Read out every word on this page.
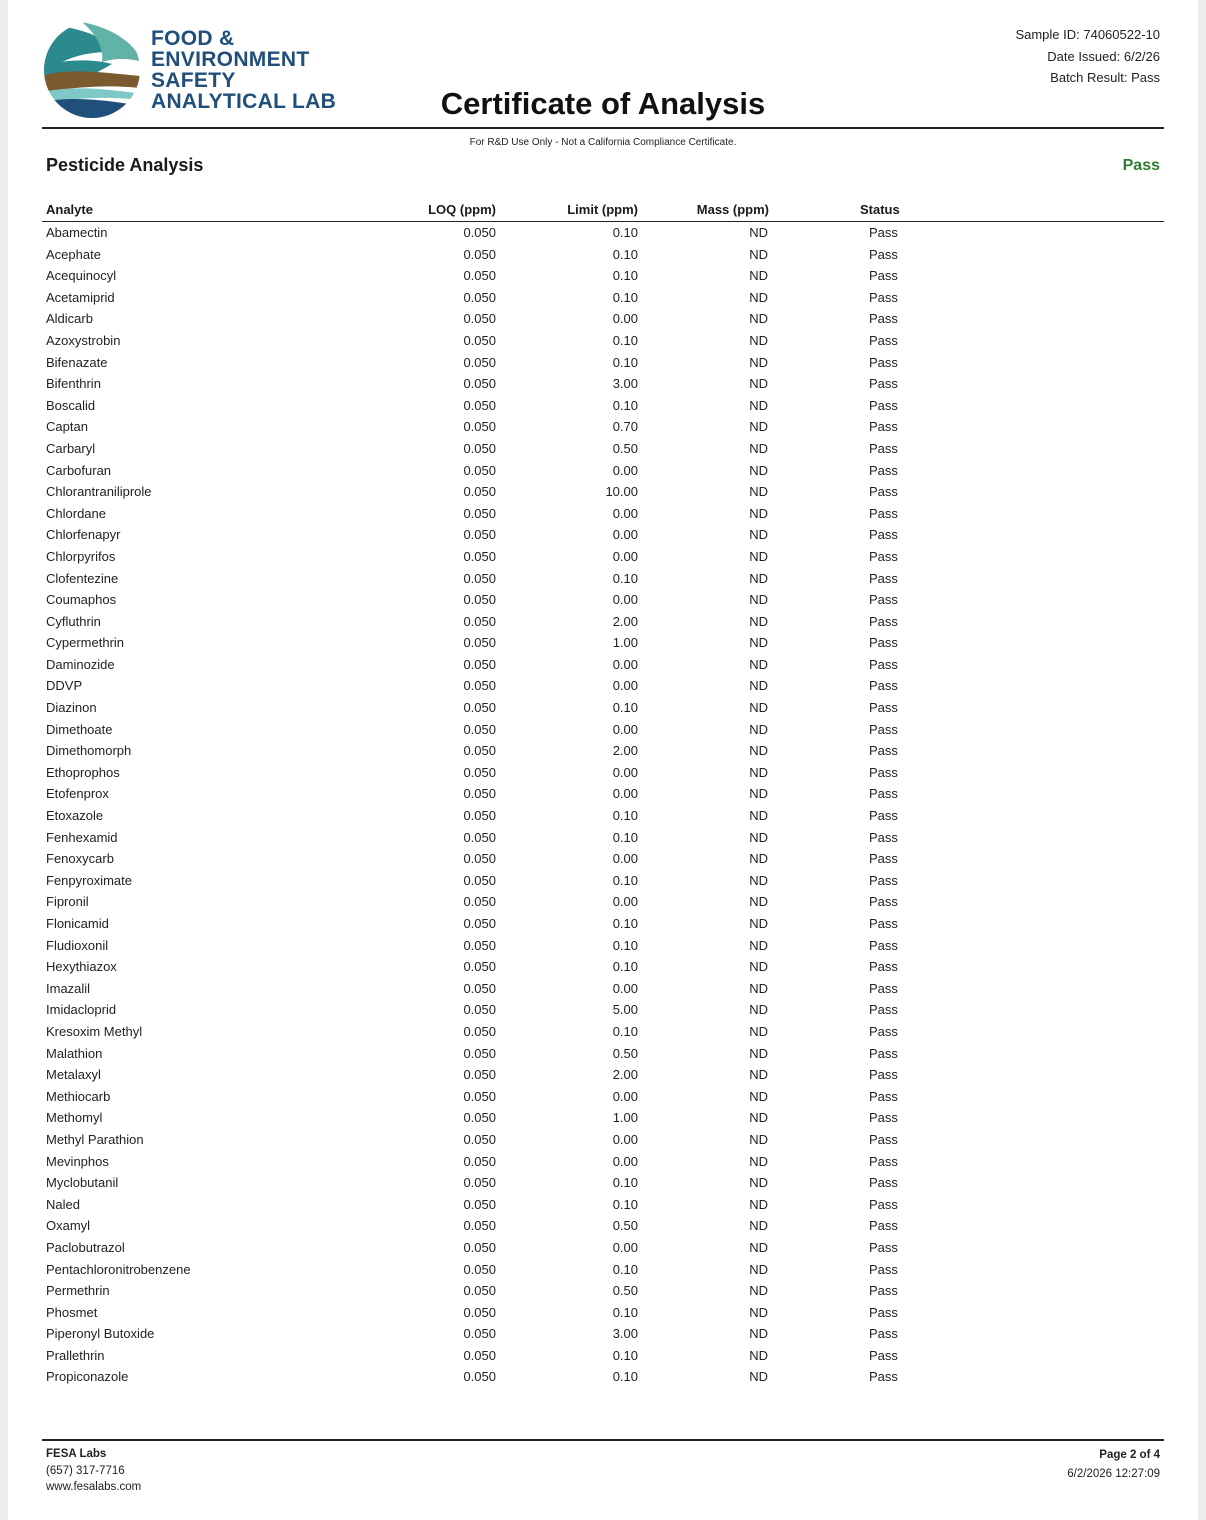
FOOD &
ENVIRONMENT
SAFETY
ANALYTICAL LAB	Certificate of Analysis
Sample ID: 74060522-10
Date Issued: 6/2/26
Batch Result: Pass
For R&D Use Only - Not a California Compliance Certificate.
Pesticide Analysis	Pass
Analyte	LOQ (ppm)	Limit (ppm)	Mass (ppm)	Status
Abamectin	0.050	0.10	ND	Pass
Acephate	0.050	0.10	ND	Pass
Acequinocyl	0.050	0.10	ND	Pass
Acetamiprid	0.050	0.10	ND	Pass
Aldicarb	0.050	0.00	ND	Pass
Azoxystrobin	0.050	0.10	ND	Pass
Bifenazate	0.050	0.10	ND	Pass
Bifenthrin	0.050	3.00	ND	Pass
Boscalid	0.050	0.10	ND	Pass
Captan	0.050	0.70	ND	Pass
Carbaryl	0.050	0.50	ND	Pass
Carbofuran	0.050	0.00	ND	Pass
Chlorantraniliprole	0.050	10.00	ND	Pass
Chlordane	0.050	0.00	ND	Pass
Chlorfenapyr	0.050	0.00	ND	Pass
Chlorpyrifos	0.050	0.00	ND	Pass
Clofentezine	0.050	0.10	ND	Pass
Coumaphos	0.050	0.00	ND	Pass
Cyfluthrin	0.050	2.00	ND	Pass
Cypermethrin	0.050	1.00	ND	Pass
Daminozide	0.050	0.00	ND	Pass
DDVP	0.050	0.00	ND	Pass
Diazinon	0.050	0.10	ND	Pass
Dimethoate	0.050	0.00	ND	Pass
Dimethomorph	0.050	2.00	ND	Pass
Ethoprophos	0.050	0.00	ND	Pass
Etofenprox	0.050	0.00	ND	Pass
Etoxazole	0.050	0.10	ND	Pass
Fenhexamid	0.050	0.10	ND	Pass
Fenoxycarb	0.050	0.00	ND	Pass
Fenpyroximate	0.050	0.10	ND	Pass
Fipronil	0.050	0.00	ND	Pass
Flonicamid	0.050	0.10	ND	Pass
Fludioxonil	0.050	0.10	ND	Pass
Hexythiazox	0.050	0.10	ND	Pass
Imazalil	0.050	0.00	ND	Pass
Imidacloprid	0.050	5.00	ND	Pass
Kresoxim Methyl	0.050	0.10	ND	Pass
Malathion	0.050	0.50	ND	Pass
Metalaxyl	0.050	2.00	ND	Pass
Methiocarb	0.050	0.00	ND	Pass
Methomyl	0.050	1.00	ND	Pass
Methyl Parathion	0.050	0.00	ND	Pass
Mevinphos	0.050	0.00	ND	Pass
Myclobutanil	0.050	0.10	ND	Pass
Naled	0.050	0.10	ND	Pass
Oxamyl	0.050	0.50	ND	Pass
Paclobutrazol	0.050	0.00	ND	Pass
Pentachloronitrobenzene	0.050	0.10	ND	Pass
Permethrin	0.050	0.50	ND	Pass
Phosmet	0.050	0.10	ND	Pass
Piperonyl Butoxide	0.050	3.00	ND	Pass
Prallethrin	0.050	0.10	ND	Pass
Propiconazole	0.050	0.10	ND	Pass
FESA Labs
(657) 317-7716
www.fesalabs.com
Page 2 of 4
6/2/2026 12:27:09
